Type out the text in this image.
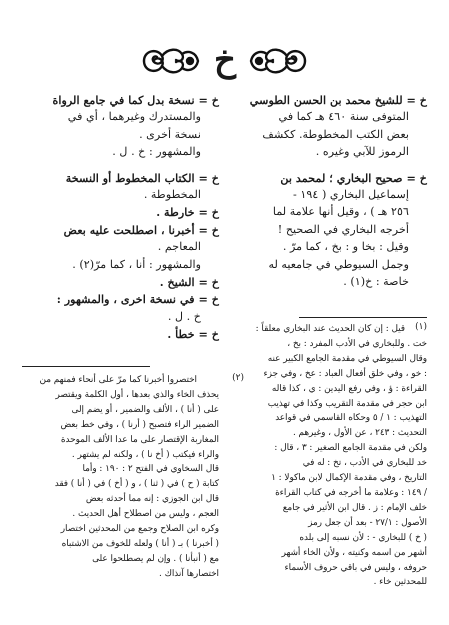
خ

خ = للشيخ محمد بن الحسن الطوسي

المتوفى سنة ٤٦٠ هـ كما في

بعض الكتب المخطوطة. ككشف

الرموز للآبي وغيره .

خ = صحيح البخاري ؛ لمحمد بن

إسماعيل البخاري ( ١٩٤ -

٢٥٦ هـ ) ، وقيل أنها علامة لما

أخرجه البخاري في الصحيح !

وقيل : بخا و : بخ ، كما مرّ .

وجمل السيوطي في جامعيه له

خاصة : خ(١) .

خ = نسخة بدل كما في جامع الرواة

والمستدرك وغيرهما ، أي في

نسخة أخرى .

والمشهور : خ . ل .

خ = الكتاب المخطوط أو النسخة

المخطوطة .

خ = خارطة .

خ = أخبرنا ، اصطلحت عليه بعض

المعاجم .

والمشهور : أنا ، كما مرّ(٢) .

خ = الشيخ .

خ = في نسخة اخرى ، والمشهور :

خ . ل .

خ = خطأ .

(١)

قيل : إن كان الحديث عند البخاري معلقاً :

خت . وللبخاري في الأدب المفرد : بخ ،

وقال السيوطي في مقدمة الجامع الكبير عنه

: خو ، وفي خلق أفعال العباد : عخ ، وفي جزء

القراءة : ؤ ، وفي رفع اليدين : ي ، كذا قاله

ابن حجر في مقدمة التقريب وكذا في تهذيب

التهذيب : ١ / ٥ وحكاه القاسمي في قواعد

التحديث : ٢٤٣ ، عن الأول ، وغيرهم .

ولكن في مقدمة الجامع الصغير : ٣ ، قال :

خد للبخاري في الأدب ، تخ : له في

التاريخ ، وفي مقدمة الإكمال لابن ماكولا : ١

/ ١٤٩ : وعلامة ما أخرجه في كتاب القراءة

خلف الإمام : ز . قال ابن الأثير في جامع

الأصول : ٢٧/١ - بعد أن جعل رمز

( خ ) للبخاري - : لأن نسبه إلى بلده

أشهر من اسمه وكنيته ، ولأن الخاء أشهر

حروفه ، وليس في باقي حروف الأسماء

للمحدثين خاء .

(٢)

اختصروا أخبرنا كما مرّ على أنحاء فمنهم من

يحذف الخاء والذي بعدها ، أول الكلمة ويقتصر

على ( أنا ) ، الألف والضمير ، أو يضم إلى

الضمير الراء فتصبح ( أرنا ) ، وفي خط بعض

المغاربة الإقتصار على ما عدا الألف الموحدة

والراء فيكتب ( أخ نا ) ، ولكنه لم يشتهر .

قال السخاوي في الفتح ٢ : ١٩٠ : وأما

كتابة ( ح ) في ( ثنا ) ، و ( أخ ) في ( أنا ) فقد

قال ابن الجوزي : إنه مما أحدثه بعض

العجم ، وليس من اصطلاح أهل الحديث .

وكره ابن الصلاح وجمع من المحدثين اختصار

( أخبرنا ) بـ ( أنا ) ولعله للخوف من الاشتباه

مع ( أنبأنا ) . وإن لم يصطلحوا على

اختصارها آنذاك .
